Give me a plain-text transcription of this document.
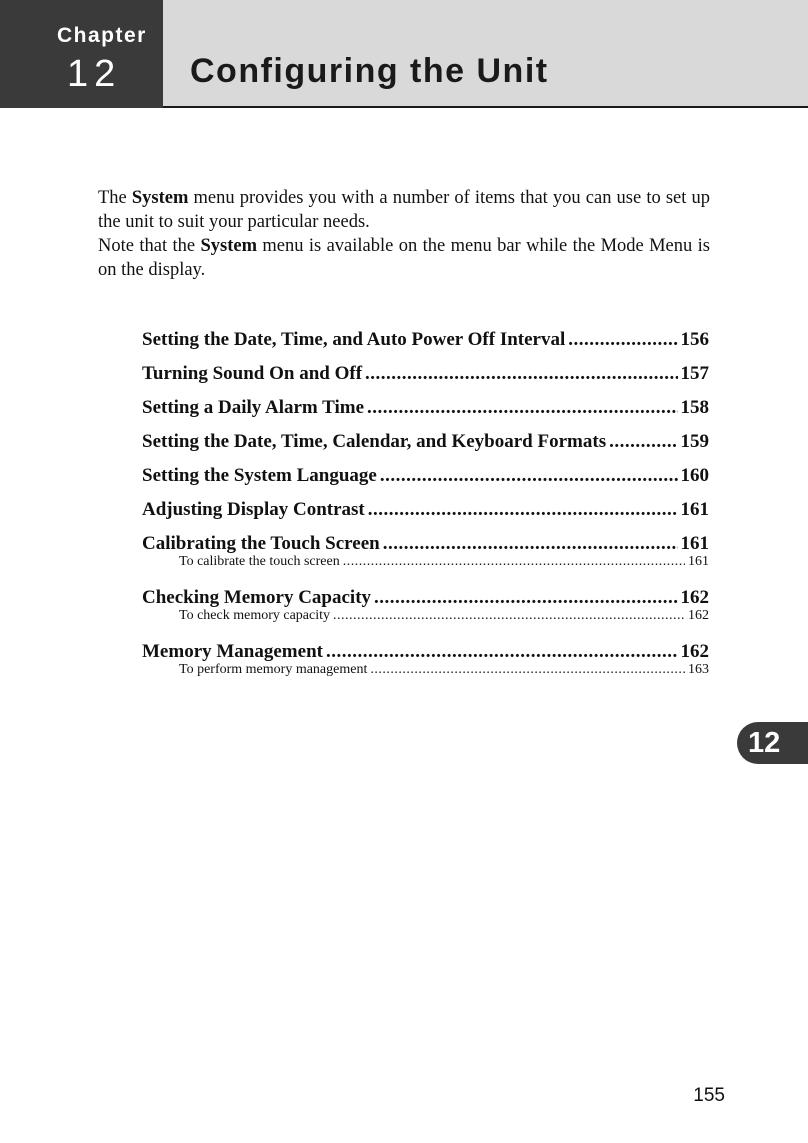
Chapter
12 Configuring the Unit

The System menu provides you with a number of items that you can use to set up the unit to suit your particular needs.

Note that the System menu is available on the menu bar while the Mode Menu is on the display.

Setting the Date, Time, and Auto Power Off Interval .....	156
Turning Sound On and Off .....	157
Setting a Daily Alarm Time .....	158
Setting the Date, Time, Calendar, and Keyboard Formats .....	159
Setting the System Language .....	160
Adjusting Display Contrast .....	161
Calibrating the Touch Screen .....	161
To calibrate the touch screen .....	161
Checking Memory Capacity .....	162
To check memory capacity .....	162
Memory Management .....	162
To perform memory management .....	163
12
155
